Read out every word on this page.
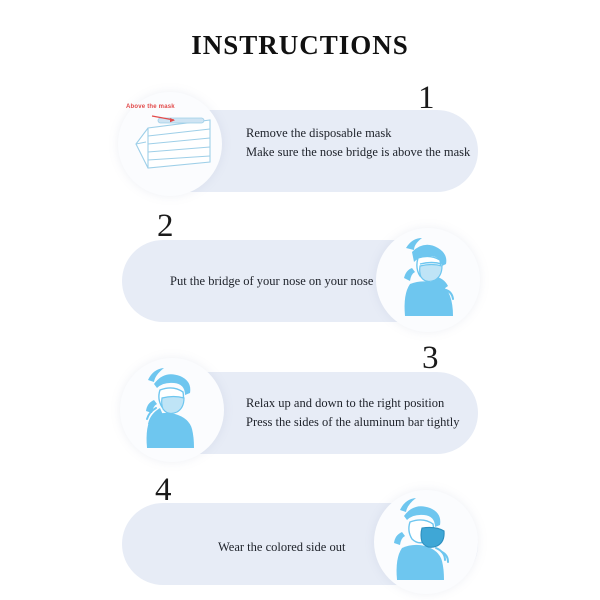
INSTRUCTIONS
1
Remove the disposable mask
Make sure the nose bridge is above the mask
Above the mask
2
Put the bridge of your nose on your nose
3
Relax up and down to the right position
Press the sides of the aluminum bar tightly
4
Wear the colored side out
